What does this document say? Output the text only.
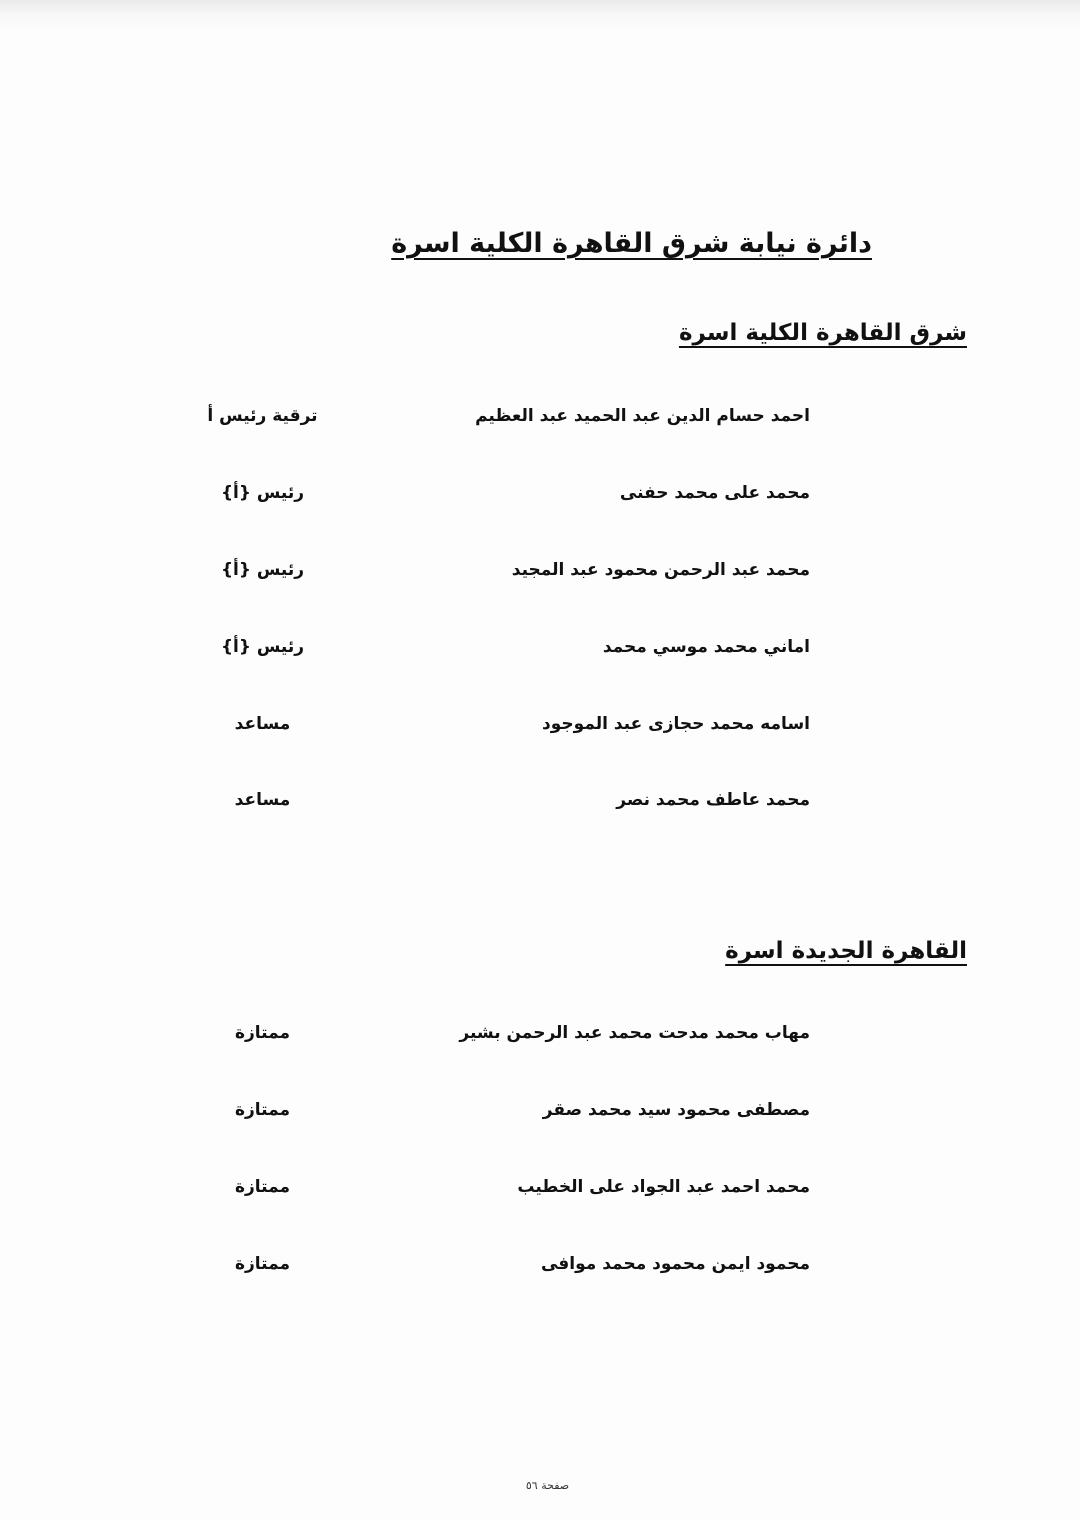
دائرة نيابة شرق القاهرة الكلية اسرة
شرق القاهرة الكلية اسرة
احمد حسام الدين عبد الحميد عبد العظيم
ترقية رئيس أ
محمد على محمد حفنى
رئيس {أ}
محمد عبد الرحمن محمود عبد المجيد
رئيس {أ}
اماني محمد موسي محمد
رئيس {أ}
اسامه محمد حجازى عبد الموجود
مساعد
محمد عاطف محمد نصر
مساعد
القاهرة الجديدة اسرة
مهاب محمد مدحت محمد عبد الرحمن بشير
ممتازة
مصطفى محمود سيد محمد صقر
ممتازة
محمد احمد عبد الجواد على الخطيب
ممتازة
محمود ايمن محمود محمد موافى
ممتازة
صفحة ٥٦
